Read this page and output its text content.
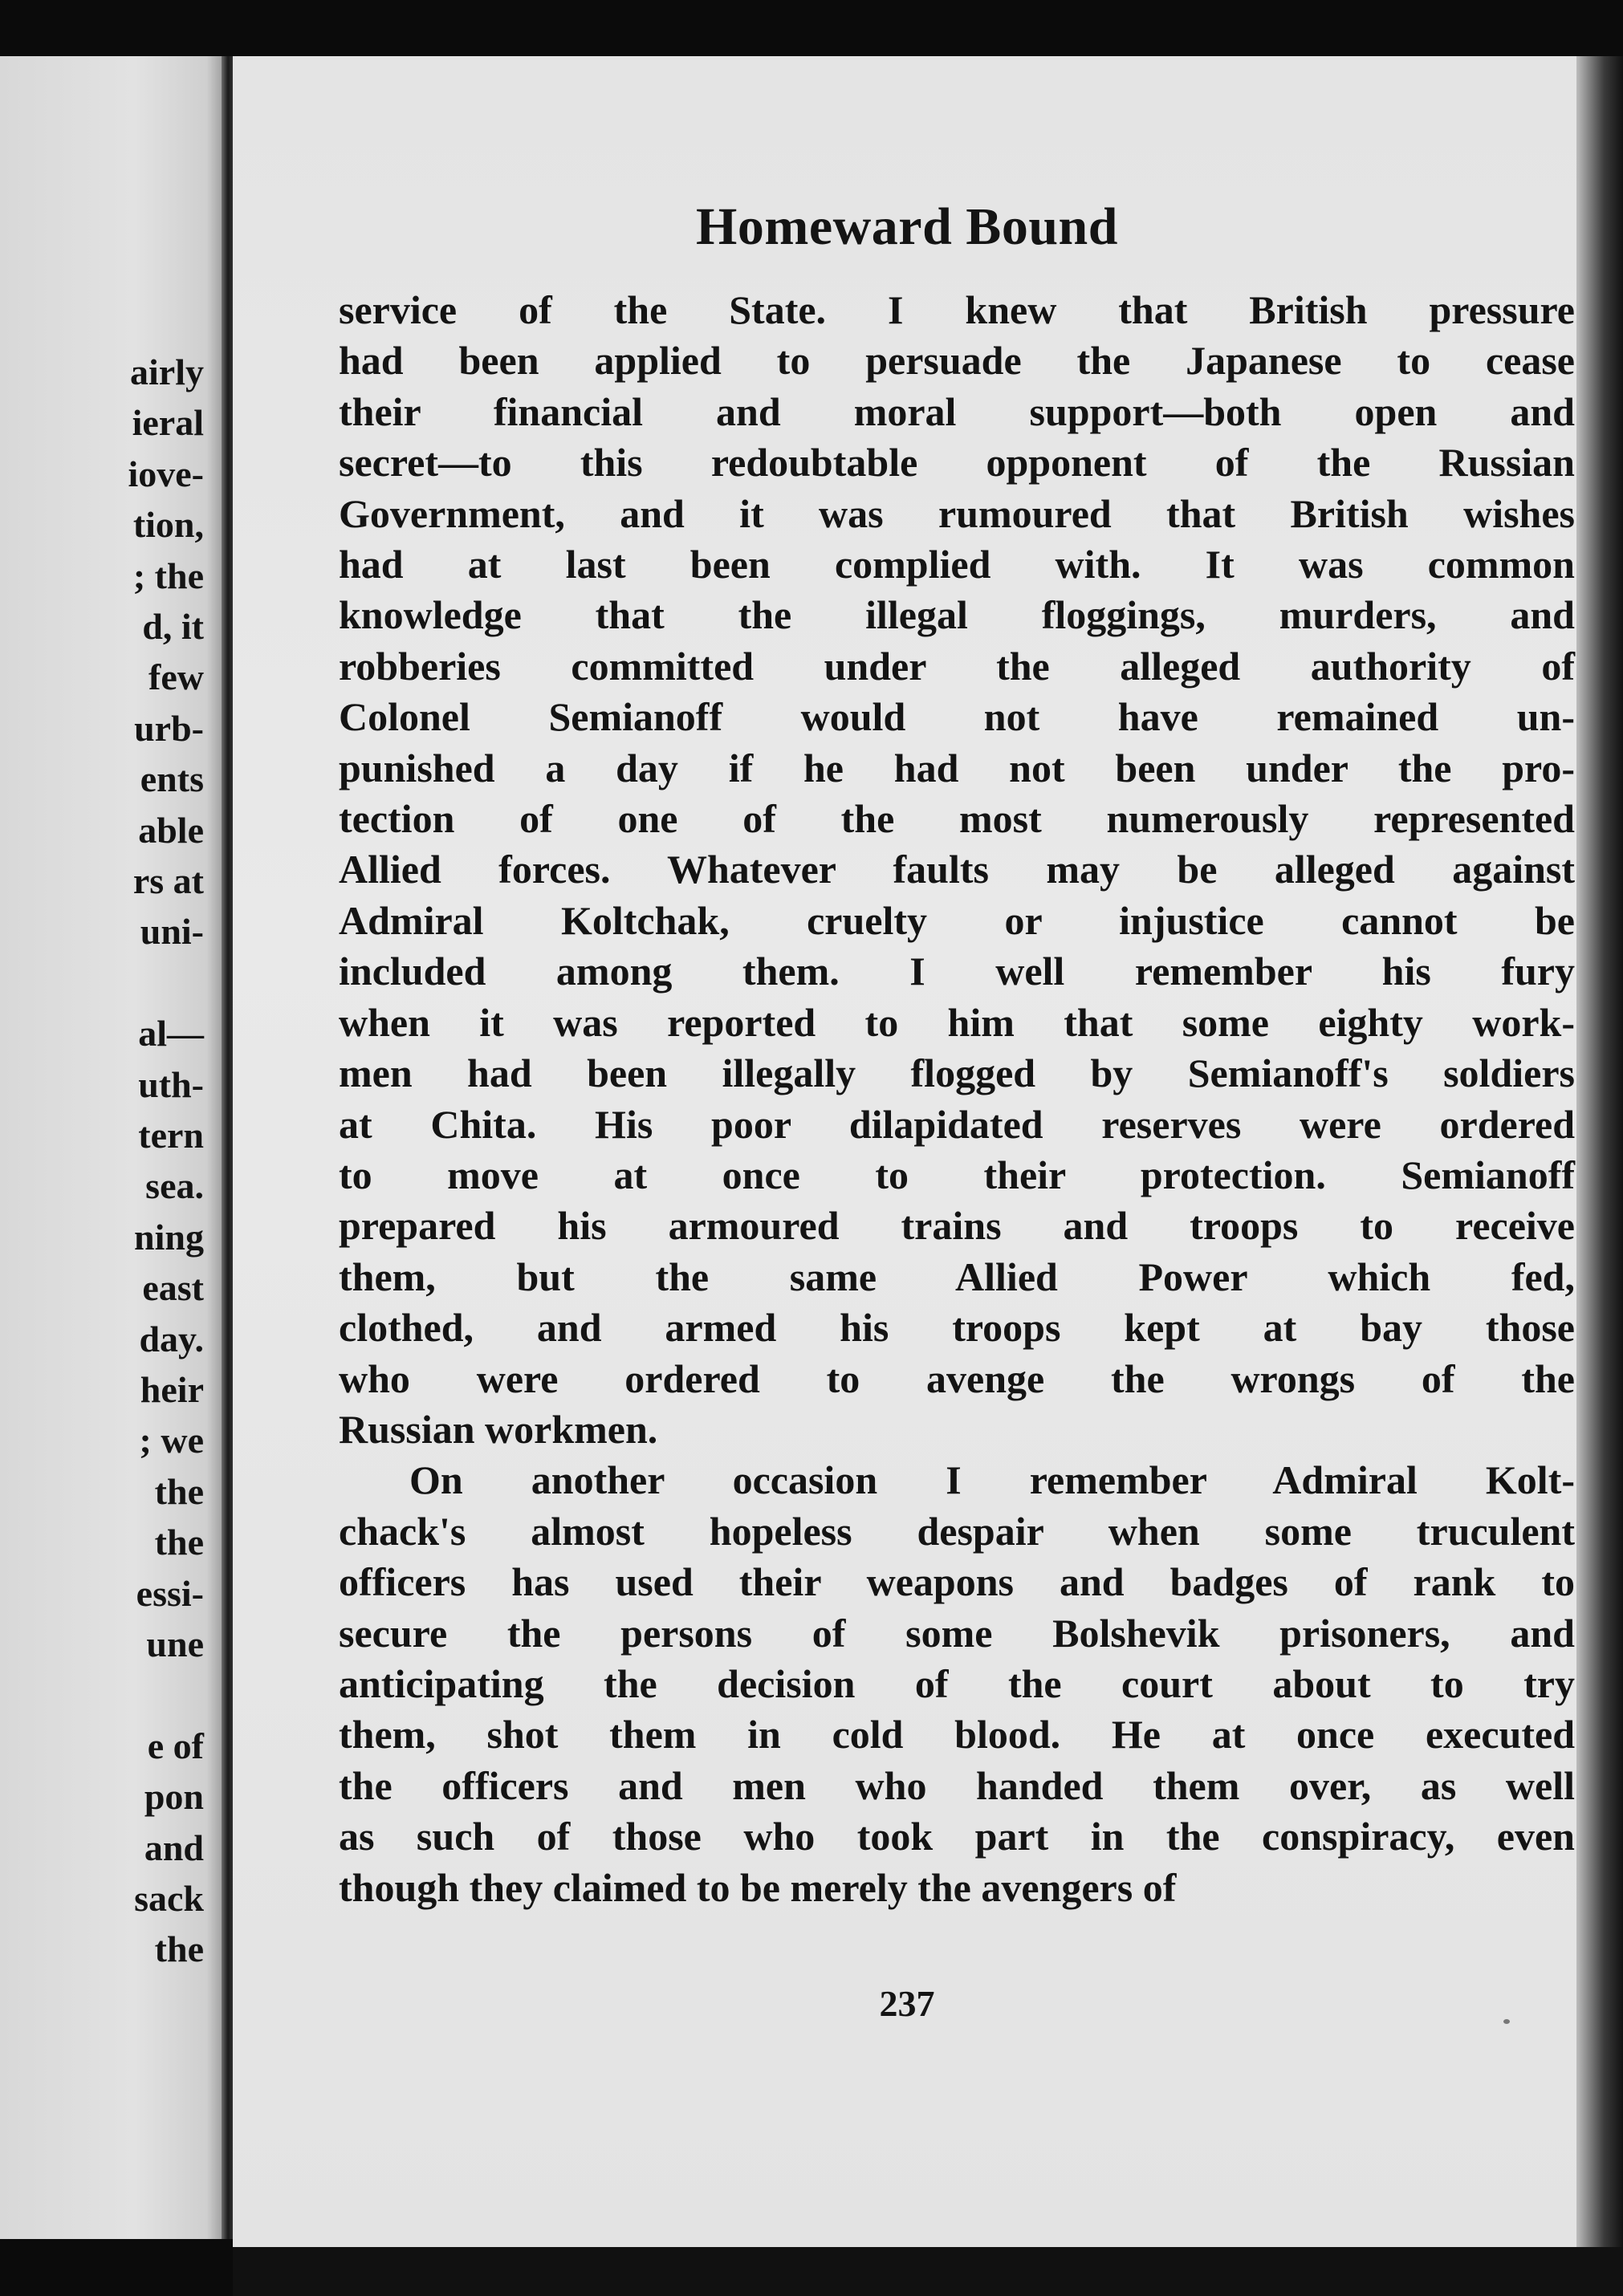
airly
ieral
iove-
tion,
; the
d, it
few
urb-
ents
able
rs at
uni-
al—
uth-
tern
sea.
ning
east
day.
heir
; we
the
the
essi-
une
e of
pon
and
sack
the
Homeward Bound
service of the State. I knew that British pressure
had been applied to persuade the Japanese to cease
their financial and moral support—both open and
secret—to this redoubtable opponent of the Russian
Government, and it was rumoured that British wishes
had at last been complied with. It was common
knowledge that the illegal floggings, murders, and
robberies committed under the alleged authority of
Colonel Semianoff would not have remained un-
punished a day if he had not been under the pro-
tection of one of the most numerously represented
Allied forces. Whatever faults may be alleged against
Admiral Koltchak, cruelty or injustice cannot be
included among them. I well remember his fury
when it was reported to him that some eighty work-
men had been illegally flogged by Semianoff's soldiers
at Chita. His poor dilapidated reserves were ordered
to move at once to their protection. Semianoff
prepared his armoured trains and troops to receive
them, but the same Allied Power which fed,
clothed, and armed his troops kept at bay those
who were ordered to avenge the wrongs of the
Russian workmen.
On another occasion I remember Admiral Kolt-
chack's almost hopeless despair when some truculent
officers has used their weapons and badges of rank to
secure the persons of some Bolshevik prisoners, and
anticipating the decision of the court about to try
them, shot them in cold blood. He at once executed
the officers and men who handed them over, as well
as such of those who took part in the conspiracy, even
though they claimed to be merely the avengers of
237
